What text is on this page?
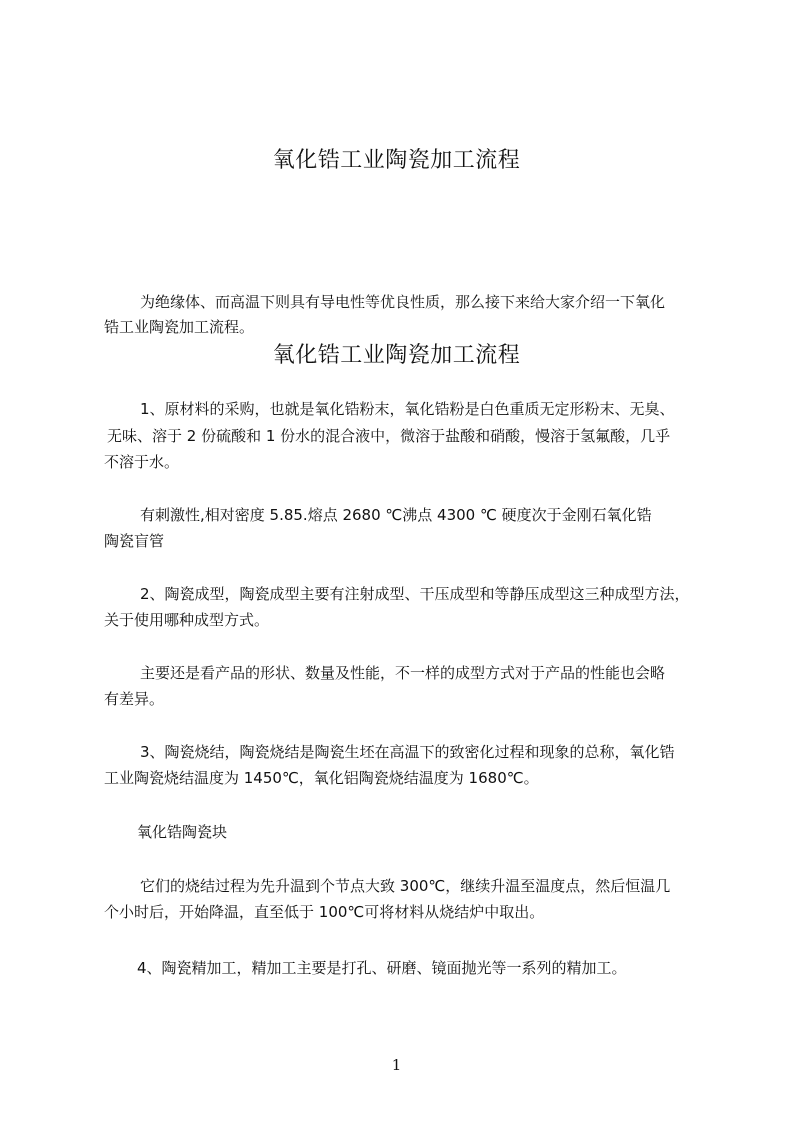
氧化锆工业陶瓷加工流程

为绝缘体、而高温下则具有导电性等优良性质，那么接下来给大家介绍一下氧化

锆工业陶瓷加工流程。

氧化锆工业陶瓷加工流程

1、原材料的采购，也就是氧化锆粉末，氧化锆粉是白色重质无定形粉末、无臭、

无味、溶于 2 份硫酸和 1 份水的混合液中，微溶于盐酸和硝酸，慢溶于氢氟酸，几乎

不溶于水。

有刺激性,相对密度 5.85.熔点 2680 ℃沸点 4300 ℃ 硬度次于金刚石氧化锆

陶瓷盲管

2、陶瓷成型，陶瓷成型主要有注射成型、干压成型和等静压成型这三种成型方法，

关于使用哪种成型方式。

主要还是看产品的形状、数量及性能，不一样的成型方式对于产品的性能也会略

有差异。

3、陶瓷烧结，陶瓷烧结是陶瓷生坯在高温下的致密化过程和现象的总称，氧化锆

工业陶瓷烧结温度为 1450℃，氧化铝陶瓷烧结温度为 1680℃。

氧化锆陶瓷块

它们的烧结过程为先升温到个节点大致 300℃，继续升温至温度点，然后恒温几

个小时后，开始降温，直至低于 100℃可将材料从烧结炉中取出。

4、陶瓷精加工，精加工主要是打孔、研磨、镜面抛光等一系列的精加工。

1
